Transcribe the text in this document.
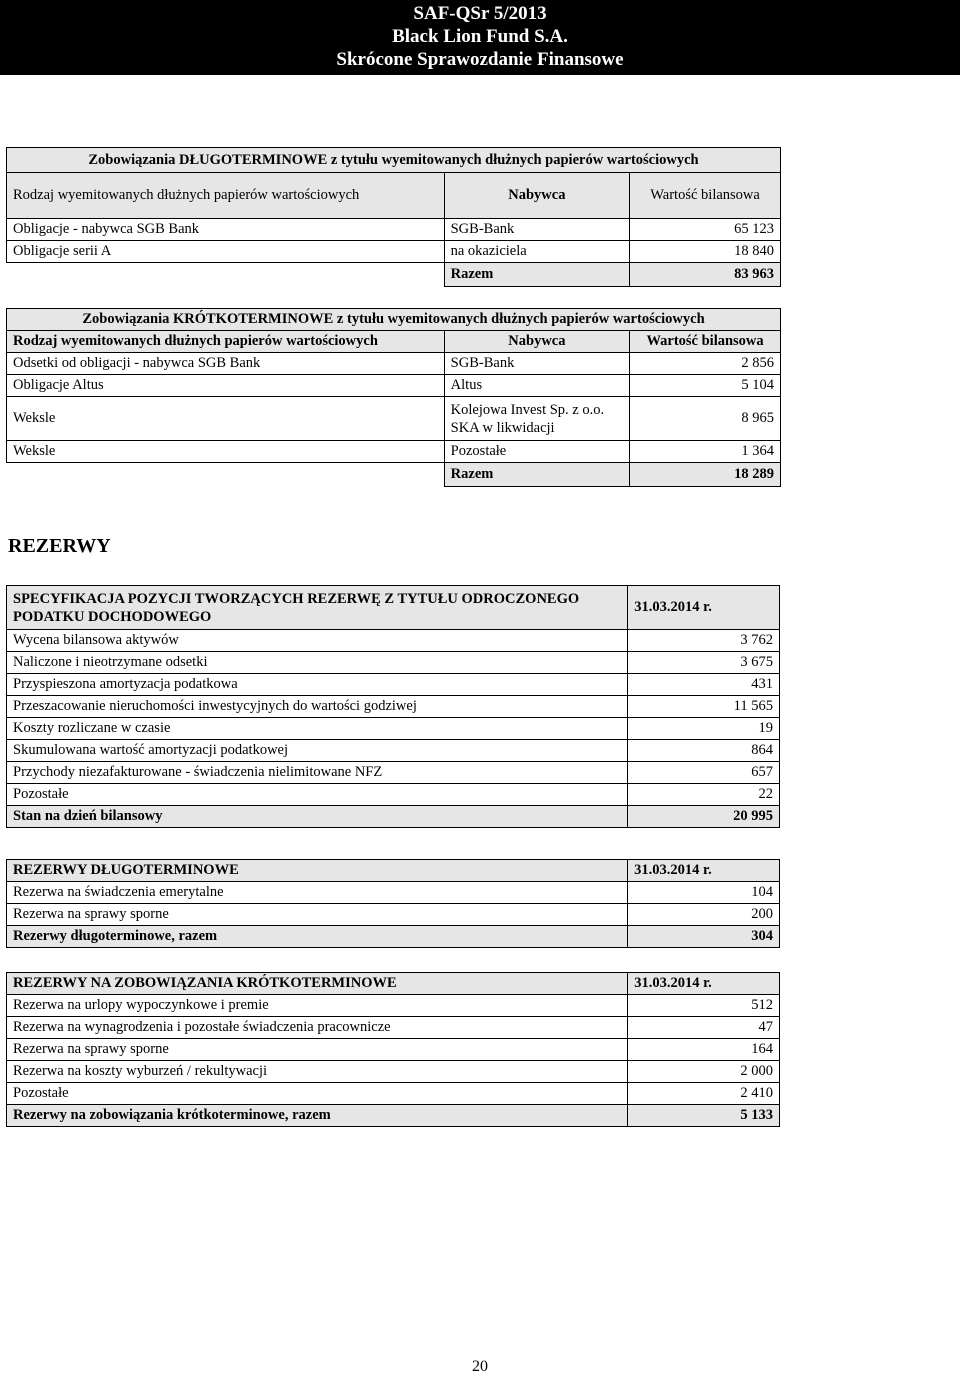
SAF-QSr 5/2013
Black Lion Fund S.A.
Skrócone Sprawozdanie Finansowe
Zobowiązania DŁUGOTERMINOWE z tytułu wyemitowanych dłużnych papierów wartościowych		
Rodzaj wyemitowanych dłużnych papierów wartościowych	Nabywca	Wartość bilansowa
Obligacje - nabywca SGB Bank	SGB-Bank	65 123
Obligacje serii A	na okaziciela	18 840
	Razem	83 963
Zobowiązania KRÓTKOTERMINOWE z tytułu wyemitowanych dłużnych papierów wartościowych		
Rodzaj wyemitowanych dłużnych papierów wartościowych	Nabywca	Wartość bilansowa
Odsetki od obligacji - nabywca SGB Bank	SGB-Bank	2 856
Obligacje Altus	Altus	5 104
Weksle	Kolejowa Invest Sp. z o.o. SKA w likwidacji	8 965
Weksle	Pozostałe	1 364
	Razem	18 289
REZERWY
SPECYFIKACJA POZYCJI TWORZĄCYCH REZERWĘ Z TYTUŁU ODROCZONEGO PODATKU DOCHODOWEGO	31.03.2014 r.
Wycena bilansowa aktywów	3 762
Naliczone i nieotrzymane odsetki	3 675
Przyspieszona amortyzacja podatkowa	431
Przeszacowanie nieruchomości inwestycyjnych do wartości godziwej	11 565
Koszty rozliczane w czasie	19
Skumulowana wartość amortyzacji podatkowej	864
Przychody niezafakturowane - świadczenia nielimitowane NFZ	657
Pozostałe	22
Stan na dzień bilansowy	20 995
REZERWY DŁUGOTERMINOWE	31.03.2014 r.
Rezerwa na świadczenia emerytalne	104
Rezerwa na sprawy sporne	200
Rezerwy długoterminowe, razem	304
REZERWY NA ZOBOWIĄZANIA KRÓTKOTERMINOWE	31.03.2014 r.
Rezerwa na urlopy wypoczynkowe i premie	512
Rezerwa na wynagrodzenia i pozostałe świadczenia pracownicze	47
Rezerwa na sprawy sporne	164
Rezerwa na koszty wyburzeń / rekultywacji	2 000
Pozostałe	2 410
Rezerwy na zobowiązania krótkoterminowe, razem	5 133
20
